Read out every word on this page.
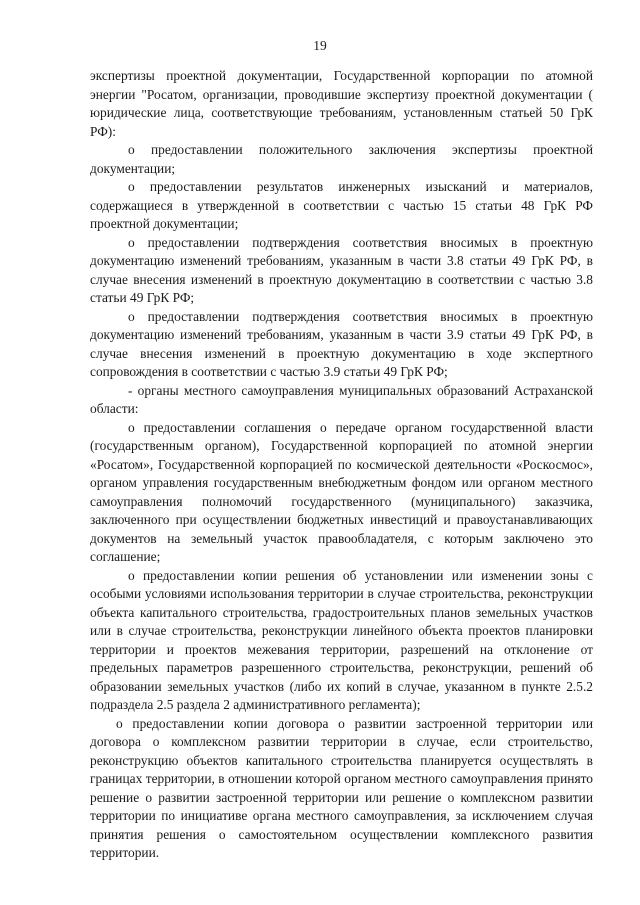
19

экспертизы проектной документации, Государственной корпорации по атомной энергии "Росатом, организации, проводившие экспертизу проектной документации ( юридические лица, соответствующие требованиям, установленным статьей 50 ГрК РФ):

о предоставлении положительного заключения экспертизы проектной документации;

о предоставлении результатов инженерных изысканий и материалов, содержащиеся в утвержденной в соответствии с частью 15 статьи 48 ГрК РФ проектной документации;

о предоставлении подтверждения соответствия вносимых в проектную документацию изменений требованиям, указанным в части 3.8 статьи 49 ГрК РФ, в случае внесения изменений в проектную документацию в соответствии с частью 3.8 статьи 49 ГрК РФ;

о предоставлении подтверждения соответствия вносимых в проектную документацию изменений требованиям, указанным в части 3.9 статьи 49 ГрК РФ, в случае внесения изменений в проектную документацию в ходе экспертного сопровождения в соответствии с частью 3.9 статьи 49 ГрК РФ;

- органы местного самоуправления муниципальных образований Астраханской области:

о предоставлении соглашения о передаче органом государственной власти (государственным органом), Государственной корпорацией по атомной энергии «Росатом», Государственной корпорацией по космической деятельности «Роскосмос», органом управления государственным внебюджетным фондом или органом местного самоуправления полномочий государственного (муниципального) заказчика, заключенного при осуществлении бюджетных инвестиций и правоустанавливающих документов на земельный участок правообладателя, с которым заключено это соглашение;

о предоставлении копии решения об установлении или изменении зоны с особыми условиями использования территории в случае строительства, реконструкции объекта капитального строительства, градостроительных планов земельных участков или в случае строительства, реконструкции линейного объекта проектов планировки территории и проектов межевания территории, разрешений на отклонение от предельных параметров разрешенного строительства, реконструкции, решений об образовании земельных участков (либо их копий в случае, указанном в пункте 2.5.2 подраздела 2.5 раздела 2 административного регламента);

о предоставлении копии договора о развитии застроенной территории или договора о комплексном развитии территории в случае, если строительство, реконструкцию объектов капитального строительства планируется осуществлять в границах территории, в отношении которой органом местного самоуправления принято решение о развитии застроенной территории или решение о комплексном развитии территории по инициативе органа местного самоуправления, за исключением случая принятия решения о самостоятельном осуществлении комплексного развития территории.
